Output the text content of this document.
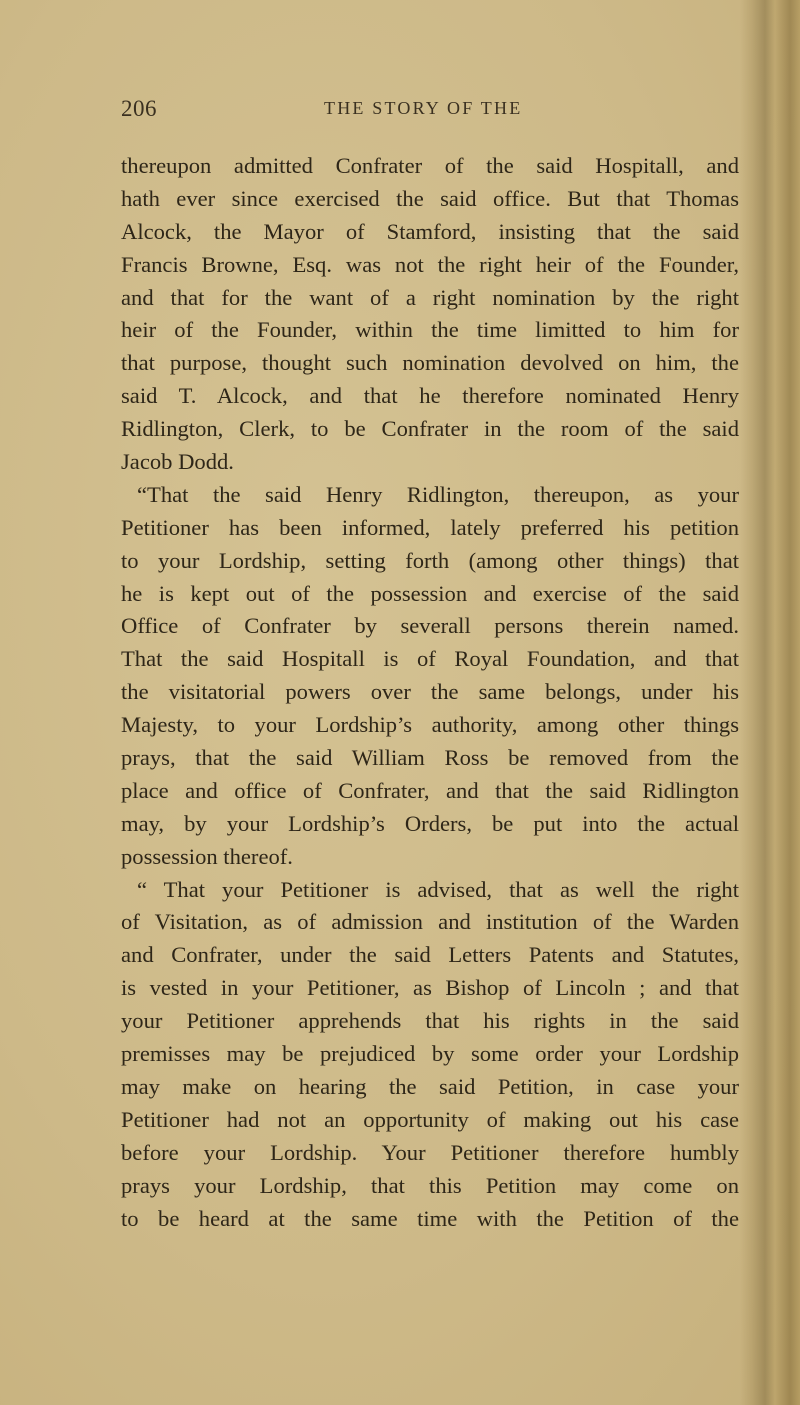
206	THE STORY OF THE
thereupon admitted Confrater of the said Hospitall, and
hath ever since exercised the said office. But that Thomas
Alcock, the Mayor of Stamford, insisting that the said
Francis Browne, Esq. was not the right heir of the Founder,
and that for the want of a right nomination by the right
heir of the Founder, within the time limitted to him for
that purpose, thought such nomination devolved on him, the
said T. Alcock, and that he therefore nominated Henry
Ridlington, Clerk, to be Confrater in the room of the said
Jacob Dodd.
“That the said Henry Ridlington, thereupon, as your
Petitioner has been informed, lately preferred his petition
to your Lordship, setting forth (among other things) that
he is kept out of the possession and exercise of the said
Office of Confrater by severall persons therein named.
That the said Hospitall is of Royal Foundation, and that
the visitatorial powers over the same belongs, under his
Majesty, to your Lordship’s authority, among other things
prays, that the said William Ross be removed from the
place and office of Confrater, and that the said Ridlington
may, by your Lordship’s Orders, be put into the actual
possession thereof.
“ That your Petitioner is advised, that as well the right
of Visitation, as of admission and institution of the Warden
and Confrater, under the said Letters Patents and Statutes,
is vested in your Petitioner, as Bishop of Lincoln ; and that
your Petitioner apprehends that his rights in the said
premisses may be prejudiced by some order your Lordship
may make on hearing the said Petition, in case your
Petitioner had not an opportunity of making out his case
before your Lordship. Your Petitioner therefore humbly
prays your Lordship, that this Petition may come on
to be heard at the same time with the Petition of the
